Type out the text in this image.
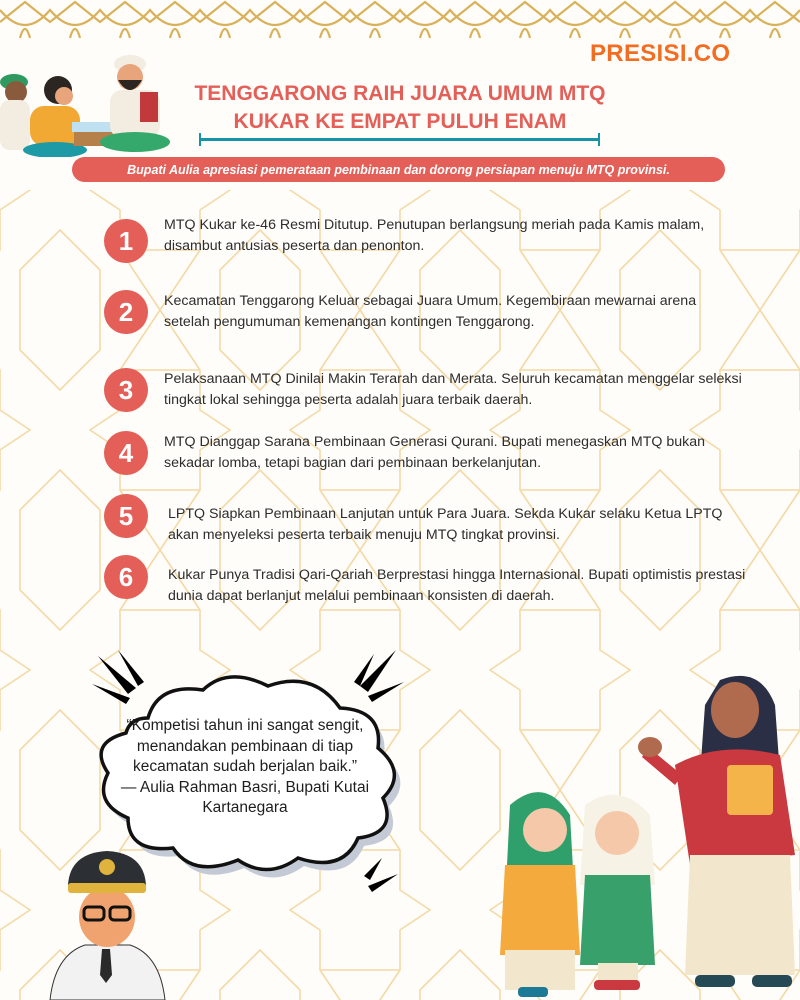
PRESISI.CO
TENGGARONG RAIH JUARA UMUM MTQ
KUKAR KE EMPAT PULUH ENAM
Bupati Aulia apresiasi pemerataan pembinaan dan dorong persiapan menuju MTQ provinsi.
1
MTQ Kukar ke-46 Resmi Ditutup. Penutupan berlangsung meriah pada Kamis malam, disambut antusias peserta dan penonton.
2	Kecamatan Tenggarong Keluar sebagai Juara Umum. Kegembiraan mewarnai arena setelah pengumuman kemenangan kontingen Tenggarong.
3	Pelaksanaan MTQ Dinilai Makin Terarah dan Merata. Seluruh kecamatan menggelar seleksi tingkat lokal sehingga peserta adalah juara terbaik daerah.
4	MTQ Dianggap Sarana Pembinaan Generasi Qurani. Bupati menegaskan MTQ bukan sekadar lomba, tetapi bagian dari pembinaan berkelanjutan.
5	LPTQ Siapkan Pembinaan Lanjutan untuk Para Juara. Sekda Kukar selaku Ketua LPTQ akan menyeleksi peserta terbaik menuju MTQ tingkat provinsi.
6	Kukar Punya Tradisi Qari-Qariah Berprestasi hingga Internasional. Bupati optimistis prestasi dunia dapat berlanjut melalui pembinaan konsisten di daerah.
“Kompetisi tahun ini sangat sengit, menandakan pembinaan di tiap kecamatan sudah berjalan baik.”
— Aulia Rahman Basri, Bupati Kutai Kartanegara
